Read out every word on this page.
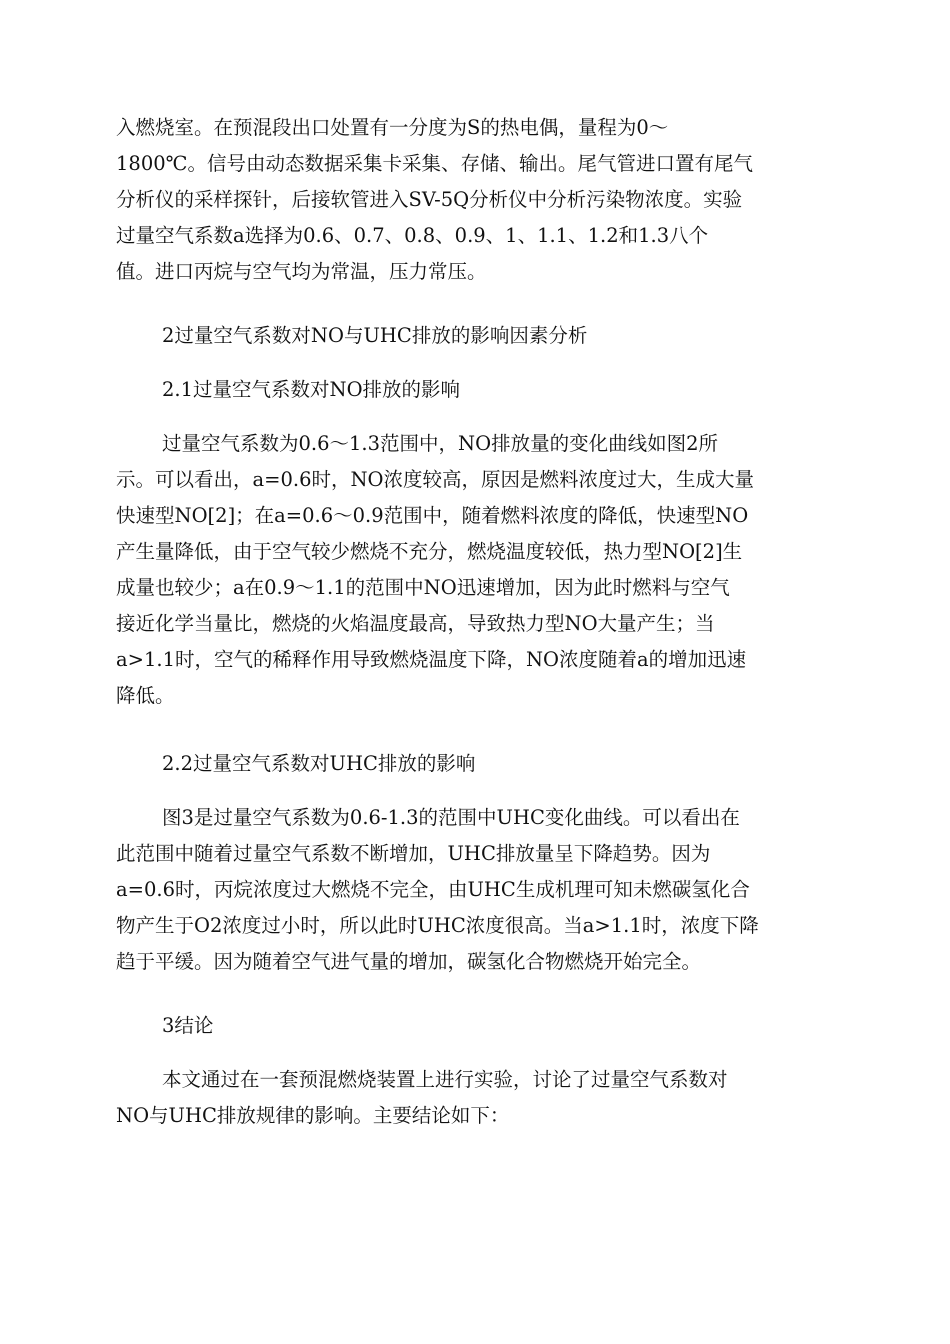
入燃烧室。在预混段出口处置有一分度为S的热电偶，量程为0～
1800℃。信号由动态数据采集卡采集、存储、输出。尾气管进口置有尾气
分析仪的采样探针，后接软管进入SV-5Q分析仪中分析污染物浓度。实验
过量空气系数a选择为0.6、0.7、0.8、0.9、1、1.1、1.2和1.3八个
值。进口丙烷与空气均为常温，压力常压。
2过量空气系数对NO与UHC排放的影响因素分析
2.1过量空气系数对NO排放的影响
过量空气系数为0.6～1.3范围中，NO排放量的变化曲线如图2所
示。可以看出，a=0.6时，NO浓度较高，原因是燃料浓度过大，生成大量
快速型NO[2]；在a=0.6～0.9范围中，随着燃料浓度的降低，快速型NO
产生量降低，由于空气较少燃烧不充分，燃烧温度较低，热力型NO[2]生
成量也较少；a在0.9～1.1的范围中NO迅速增加，因为此时燃料与空气
接近化学当量比，燃烧的火焰温度最高，导致热力型NO大量产生；当
a>1.1时，空气的稀释作用导致燃烧温度下降，NO浓度随着a的增加迅速
降低。
2.2过量空气系数对UHC排放的影响
图3是过量空气系数为0.6-1.3的范围中UHC变化曲线。可以看出在
此范围中随着过量空气系数不断增加，UHC排放量呈下降趋势。因为
a=0.6时，丙烷浓度过大燃烧不完全，由UHC生成机理可知未燃碳氢化合
物产生于O2浓度过小时，所以此时UHC浓度很高。当a>1.1时，浓度下降
趋于平缓。因为随着空气进气量的增加，碳氢化合物燃烧开始完全。
3结论
本文通过在一套预混燃烧装置上进行实验，讨论了过量空气系数对
NO与UHC排放规律的影响。主要结论如下：
